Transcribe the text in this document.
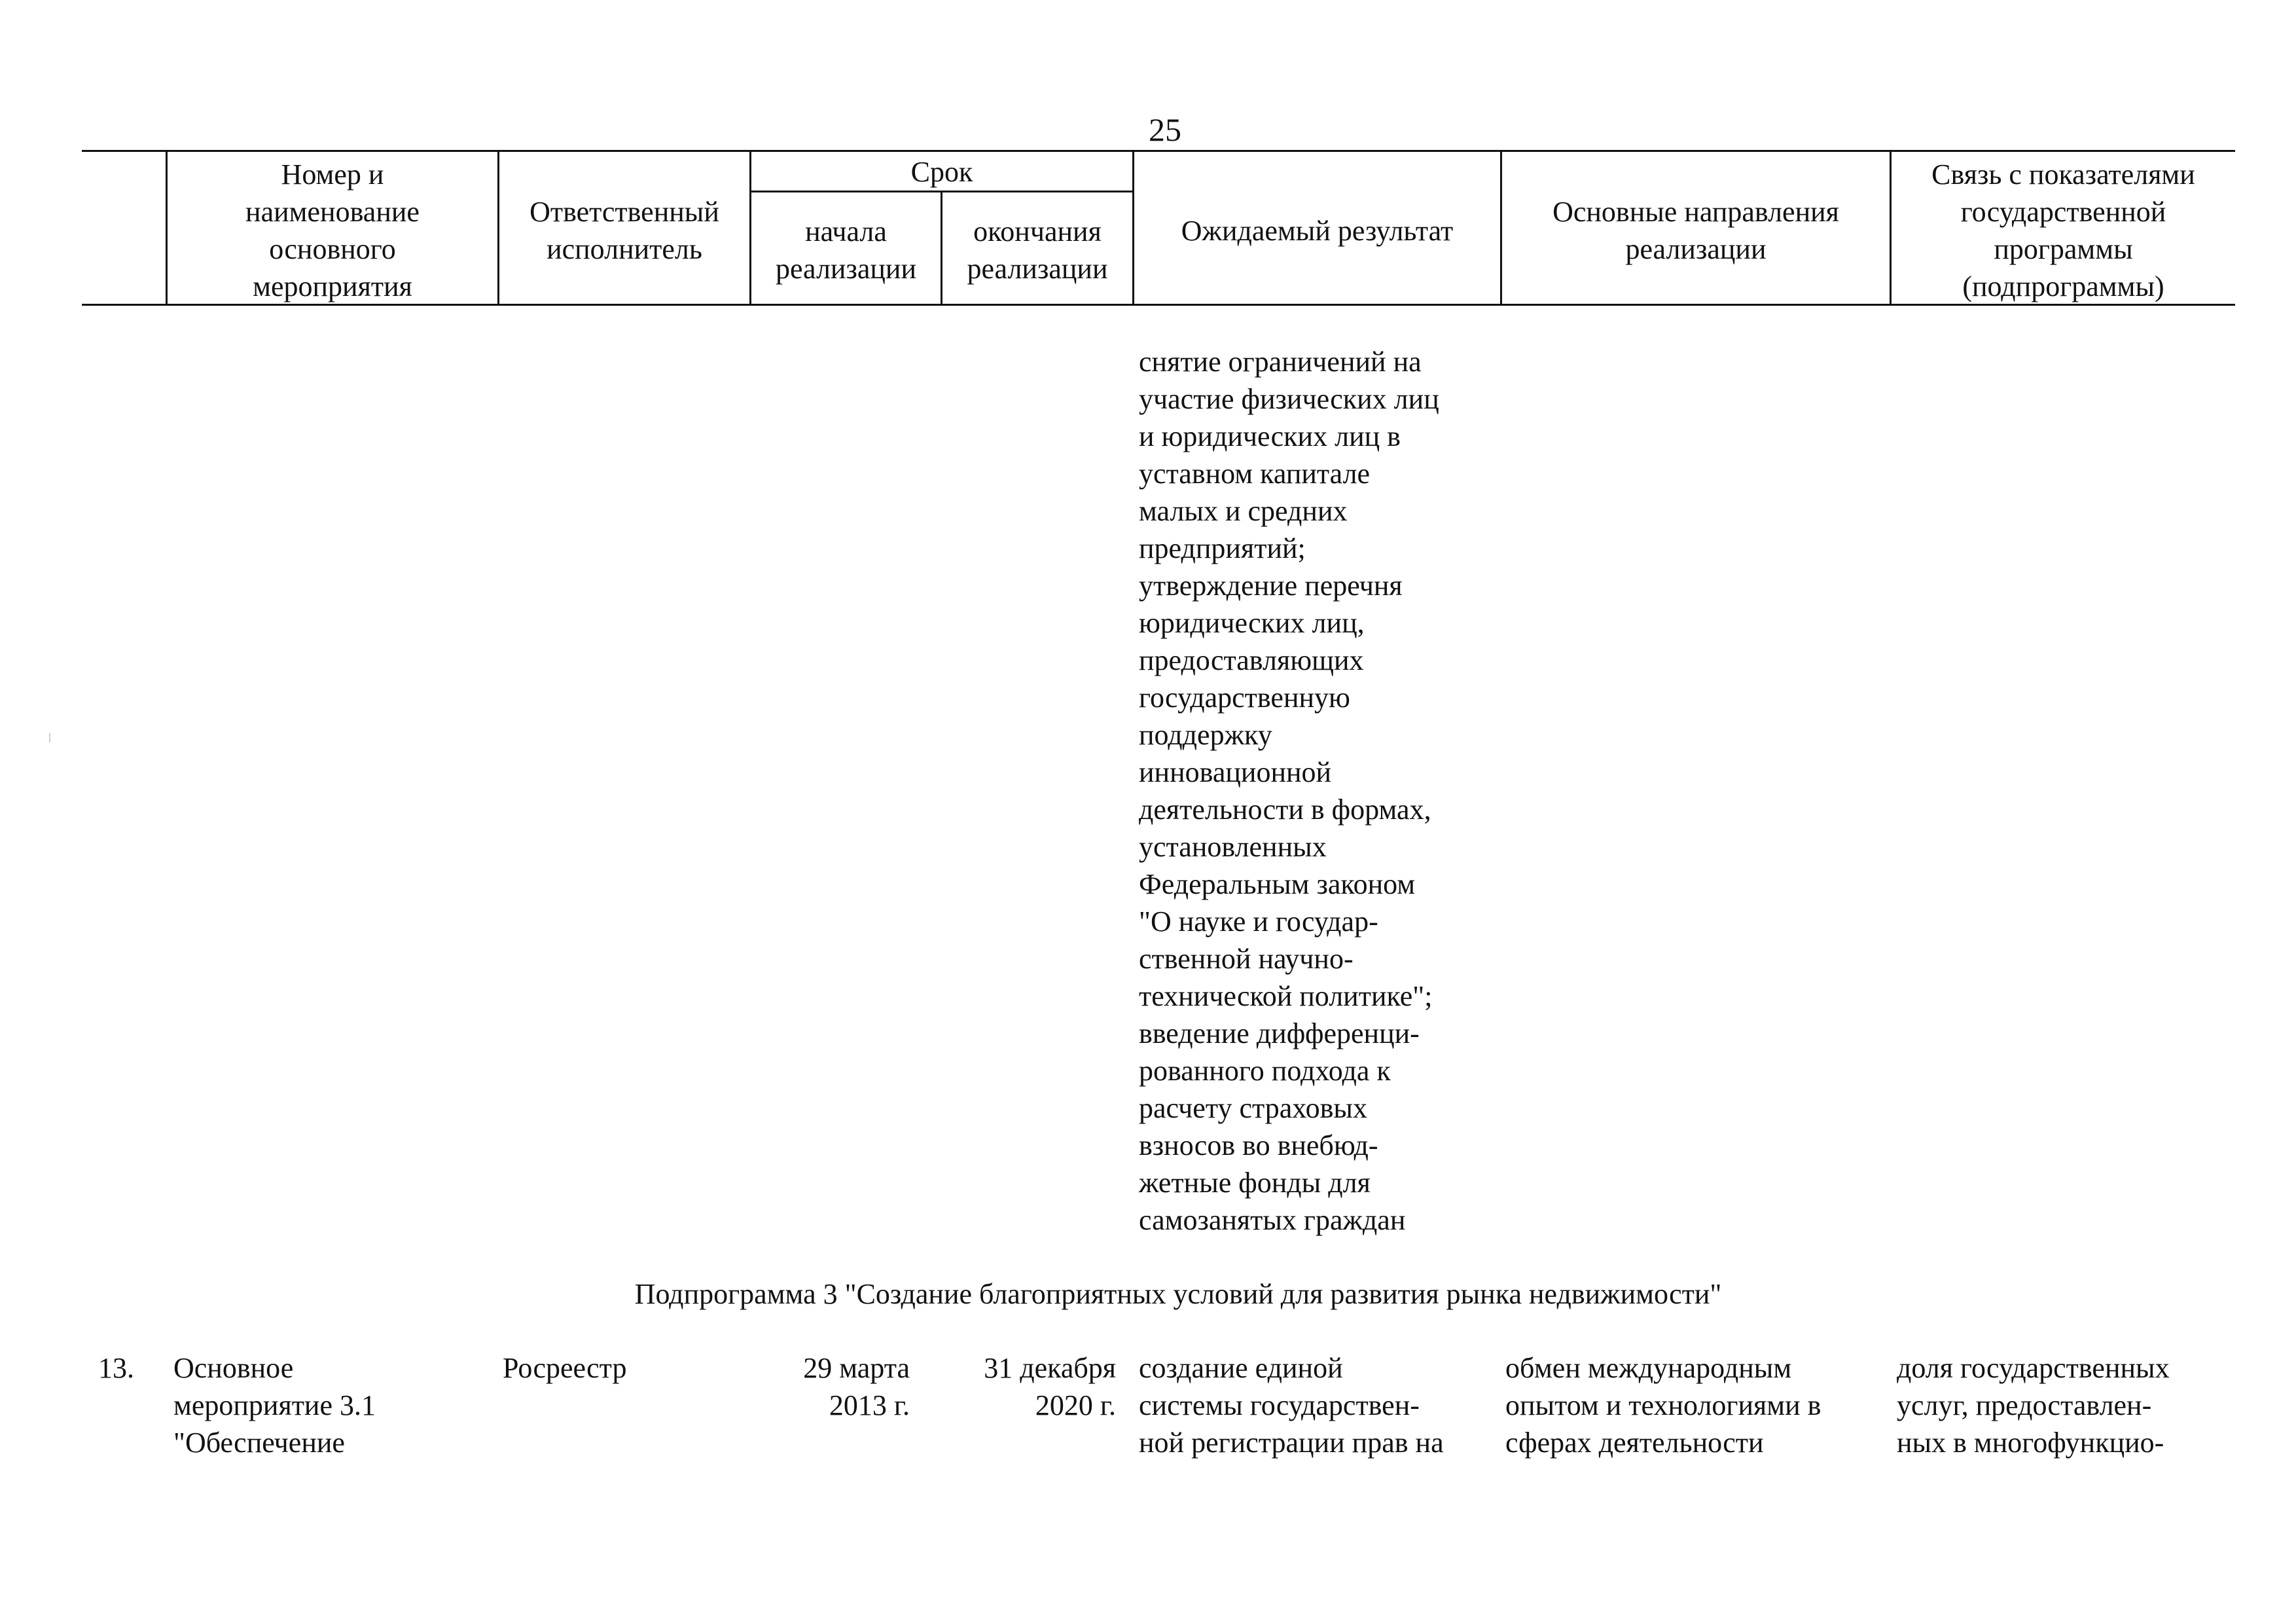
25
Номер и
наименование
основного
мероприятия
Ответственный
исполнитель
Срок
начала
реализации
окончания
реализации
Ожидаемый результат
Основные направления
реализации
Связь с показателями
государственной
программы
(подпрограммы)
снятие ограничений на
участие физических лиц
и юридических лиц в
уставном капитале
малых и средних
предприятий;
утверждение перечня
юридических лиц,
предоставляющих
государственную
поддержку
инновационной
деятельности в формах,
установленных
Федеральным законом
"О науке и государ-
ственной научно-
технической политике";
введение дифференци-
рованного подхода к
расчету страховых
взносов во внебюд-
жетные фонды для
самозанятых граждан
Подпрограмма 3 "Создание благоприятных условий для развития рынка недвижимости"
13.	Основное
мероприятие 3.1
"Обеспечение
Росреестр	29 марта
2013 г.
31 декабря
2020 г.
создание единой
системы государствен-
ной регистрации прав на
обмен международным
опытом и технологиями в
сферах деятельности
доля государственных
услуг, предоставлен-
ных в многофункцио-
